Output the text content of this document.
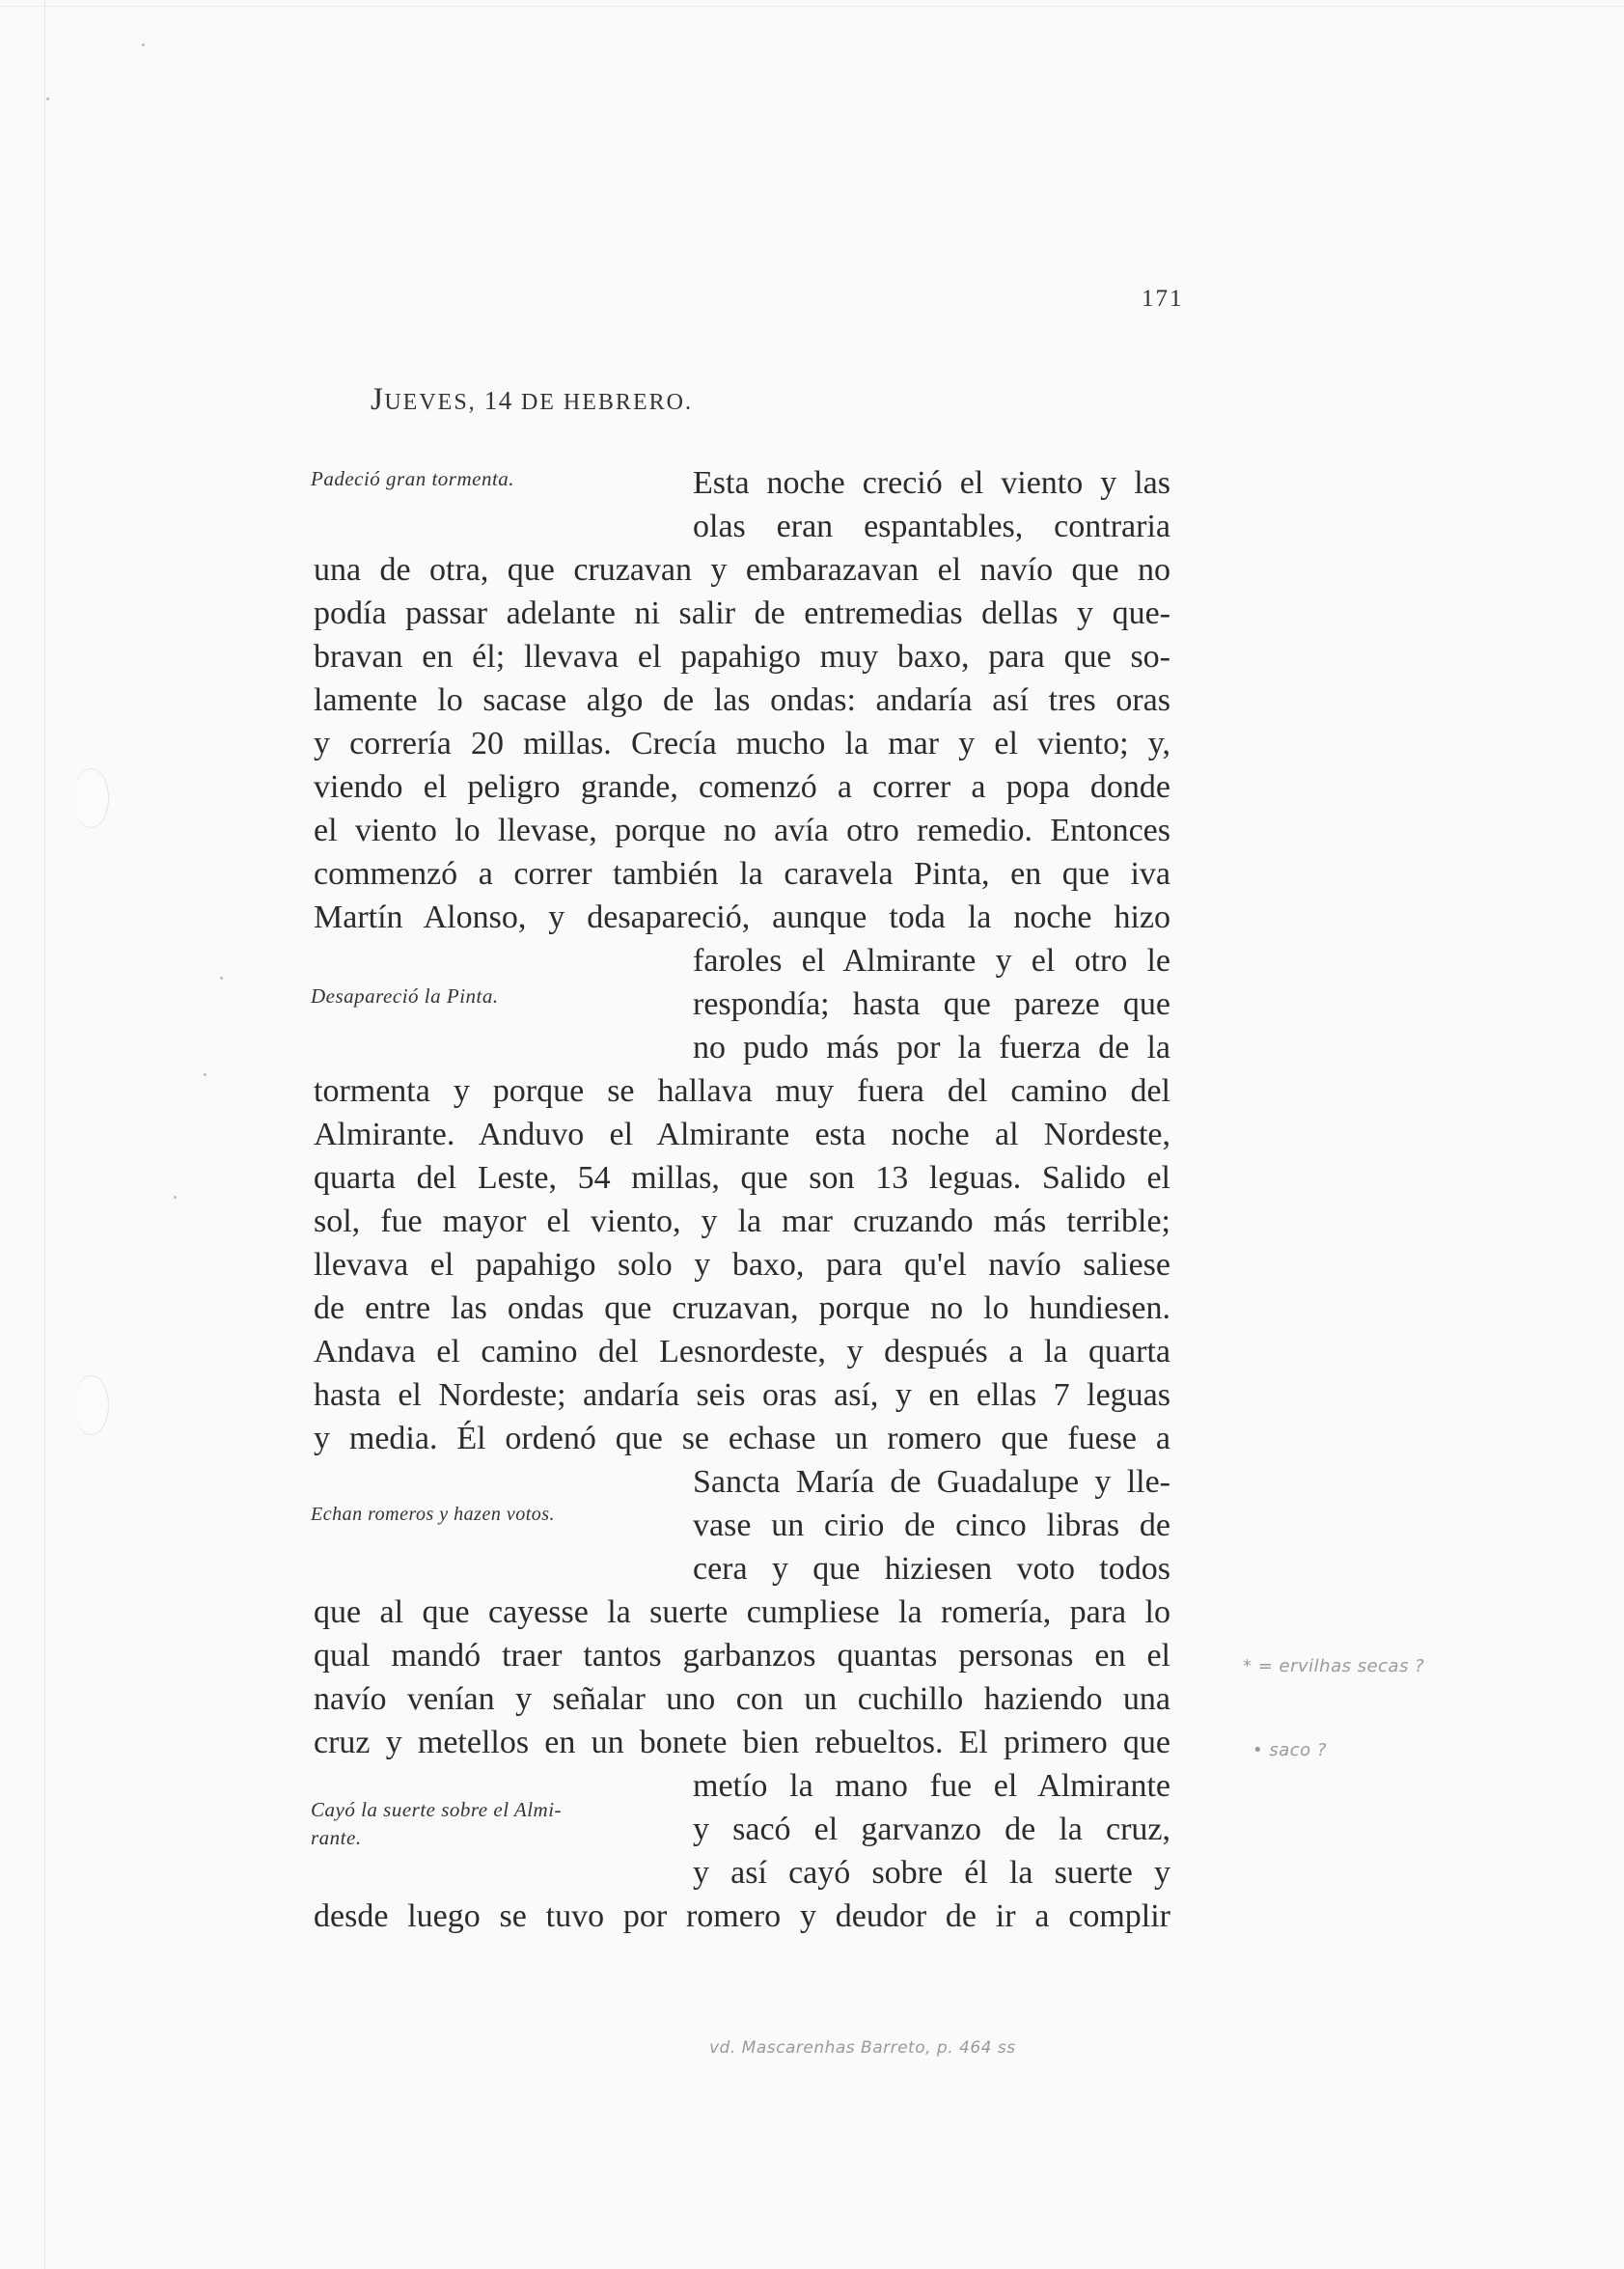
171
JUEVES, 14 DE HEBRERO.
Padeció gran tormenta.
Desapareció la Pinta.
Echan romeros y hazen votos.
Cayó la suerte sobre el Almi-
rante.
Esta noche creció el viento y las
olas eran espantables, contraria
una de otra, que cruzavan y embarazavan el navío que no
podía passar adelante ni salir de entremedias dellas y que-
bravan en él; llevava el papahigo muy baxo, para que so-
lamente lo sacase algo de las ondas: andaría así tres oras
y correría 20 millas. Crecía mucho la mar y el viento; y,
viendo el peligro grande, comenzó a correr a popa donde
el viento lo llevase, porque no avía otro remedio. Entonces
commenzó a correr también la caravela Pinta, en que iva
Martín Alonso, y desapareció, aunque toda la noche hizo
faroles el Almirante y el otro le
respondía; hasta que pareze que
no pudo más por la fuerza de la
tormenta y porque se hallava muy fuera del camino del
Almirante. Anduvo el Almirante esta noche al Nordeste,
quarta del Leste, 54 millas, que son 13 leguas. Salido el
sol, fue mayor el viento, y la mar cruzando más terrible;
llevava el papahigo solo y baxo, para qu'el navío saliese
de entre las ondas que cruzavan, porque no lo hundiesen.
Andava el camino del Lesnordeste, y después a la quarta
hasta el Nordeste; andaría seis oras así, y en ellas 7 leguas
y media. Él ordenó que se echase un romero que fuese a
Sancta María de Guadalupe y lle-
vase un cirio de cinco libras de
cera y que hiziesen voto todos
que al que cayesse la suerte cumpliese la romería, para lo
qual mandó traer tantos garbanzos quantas personas en el
navío venían y señalar uno con un cuchillo haziendo una
cruz y metellos en un bonete bien rebueltos. El primero que
metío la mano fue el Almirante
y sacó el garvanzo de la cruz,
y así cayó sobre él la suerte y
desde luego se tuvo por romero y deudor de ir a complir
* = ervilhas secas ?
• saco ?
vd. Mascarenhas Barreto, p. 464 ss
